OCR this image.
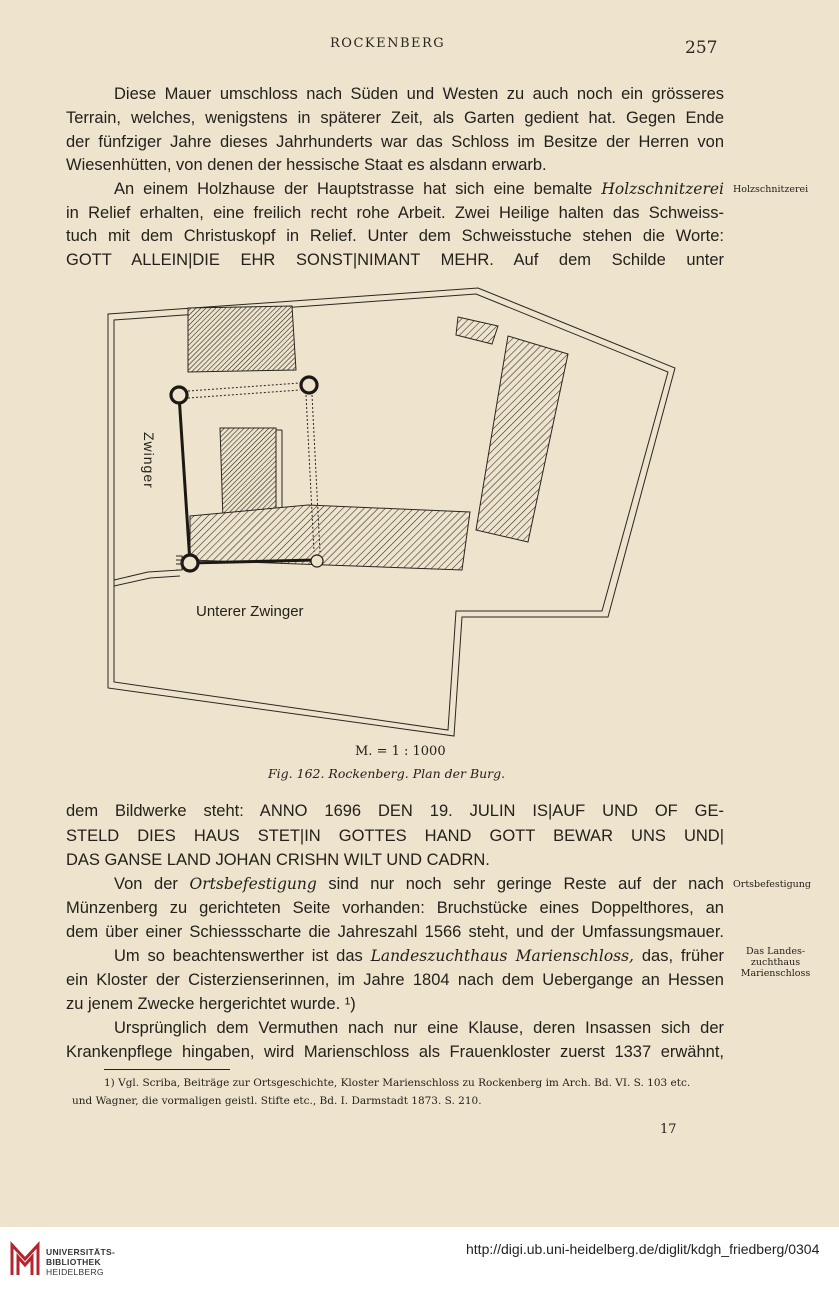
ROCKENBERG	257
Diese Mauer umschloss nach Süden und Westen zu auch noch ein grösseres
Terrain, welches, wenigstens in späterer Zeit, als Garten gedient hat. Gegen Ende
der fünfziger Jahre dieses Jahrhunderts war das Schloss im Besitze der Herren von
Wiesenhütten, von denen der hessische Staat es alsdann erwarb.
An einem Holzhause der Hauptstrasse hat sich eine bemalte Holzschnitzerei
in Relief erhalten, eine freilich recht rohe Arbeit. Zwei Heilige halten das Schweiss-
tuch mit dem Christuskopf in Relief. Unter dem Schweisstuche stehen die Worte:
GOTT ALLEIN|DIE EHR SONST|NIMANT MEHR. Auf dem Schilde unter
Holzschnitzerei
Zwinger
Unterer Zwinger
M. = 1 : 1000
Fig. 162. Rockenberg. Plan der Burg.
dem Bildwerke steht: ANNO 1696 DEN 19. JULIN IS|AUF UND OF GE-
STELD DIES HAUS STET|IN GOTTES HAND GOTT BEWAR UNS UND|
DAS GANSE LAND JOHAN CRISHN WILT UND CADRN.
Von der Ortsbefestigung sind nur noch sehr geringe Reste auf der nach
Münzenberg zu gerichteten Seite vorhanden: Bruchstücke eines Doppelthores, an
dem über einer Schiessscharte die Jahreszahl 1566 steht, und der Umfassungsmauer.
Ortsbefestigung
Um so beachtenswerther ist das Landeszuchthaus Marienschloss, das, früher
ein Kloster der Cisterzienserinnen, im Jahre 1804 nach dem Uebergange an Hessen
zu jenem Zwecke hergerichtet wurde. ¹)
Das Landes-
zuchthaus
Marienschloss
Ursprünglich dem Vermuthen nach nur eine Klause, deren Insassen sich der
Krankenpflege hingaben, wird Marienschloss als Frauenkloster zuerst 1337 erwähnt,
1) Vgl. Scriba, Beiträge zur Ortsgeschichte, Kloster Marienschloss zu Rockenberg im Arch. Bd. VI. S. 103 etc.
und Wagner, die vormaligen geistl. Stifte etc., Bd. I. Darmstadt 1873. S. 210.
17
UNIVERSITÄTS-
BIBLIOTHEK
HEIDELBERG
http://digi.ub.uni-heidelberg.de/diglit/kdgh_friedberg/0304
